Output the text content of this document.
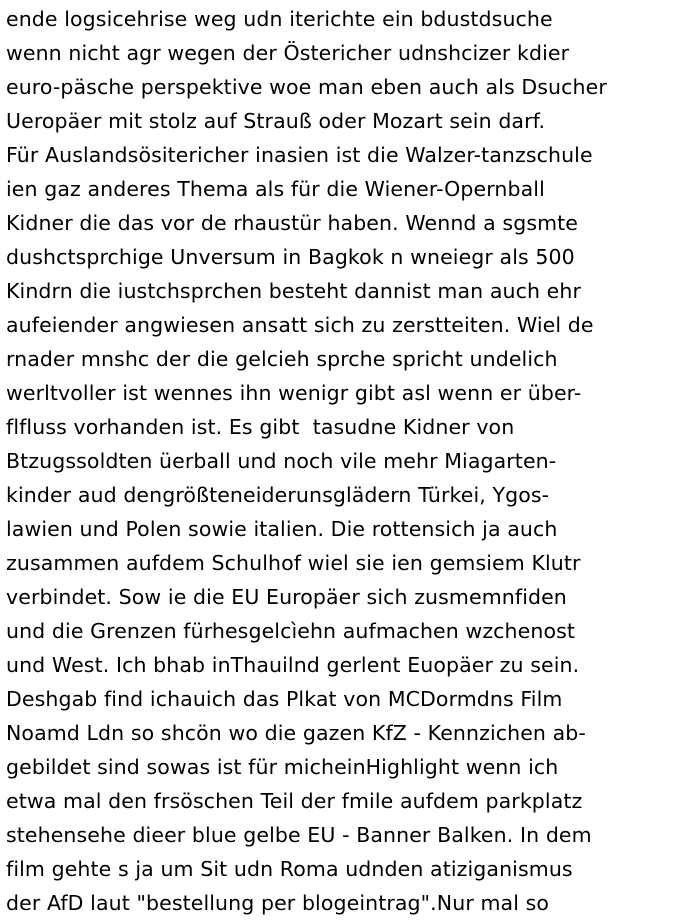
ende logsicehrise weg udn iterichte ein bdustdsuche
wenn nicht agr wegen der Östericher udnshcizer kdier
euro-päsche perspektive woe man eben auch als Dsucher
Ueropäer mit stolz auf Strauß oder Mozart sein darf.
Für Auslandsösitericher inasien ist die Walzer-tanzschule
ien gaz anderes Thema als für die Wiener-Opernball
Kidner die das vor de rhaustür haben. Wennd a sgsmte
dushctsprchige Unversum in Bagkok n wneiegr als 500
Kindrn die iustchsprchen besteht dannist man auch ehr
aufeiender angwiesen ansatt sich zu zerstteiten. Wiel de
rnader mnshc der die gelcieh sprche spricht undelich
werltvoller ist wennes ihn wenigr gibt asl wenn er über-
flfluss vorhanden ist. Es gibt  tasudne Kidner von
Btzugssoldten üerball und noch vile mehr Miagarten-
kinder aud dengrößteneiderunsglädern Türkei, Ygos-
lawien und Polen sowie italien. Die rottensich ja auch
zusammen aufdem Schulhof wiel sie ien gemsiem Klutr
verbindet. Sow ie die EU Europäer sich zusmemnfiden
und die Grenzen fürhesgelcìehn aufmachen wzchenost
und West. Ich bhab inThauilnd gerlent Euopäer zu sein.
Deshgab find ichauich das Plkat von MCDormdns Film
Noamd Ldn so shcön wo die gazen KfZ - Kennzichen ab-
gebildet sind sowas ist für micheinHighlight wenn ich
etwa mal den frsöschen Teil der fmile aufdem parkplatz
stehensehe dieer blue gelbe EU - Banner Balken. In dem
film gehte s ja um Sit udn Roma udnden atiziganismus
der AfD laut "bestellung per blogeintrag".Nur mal so
